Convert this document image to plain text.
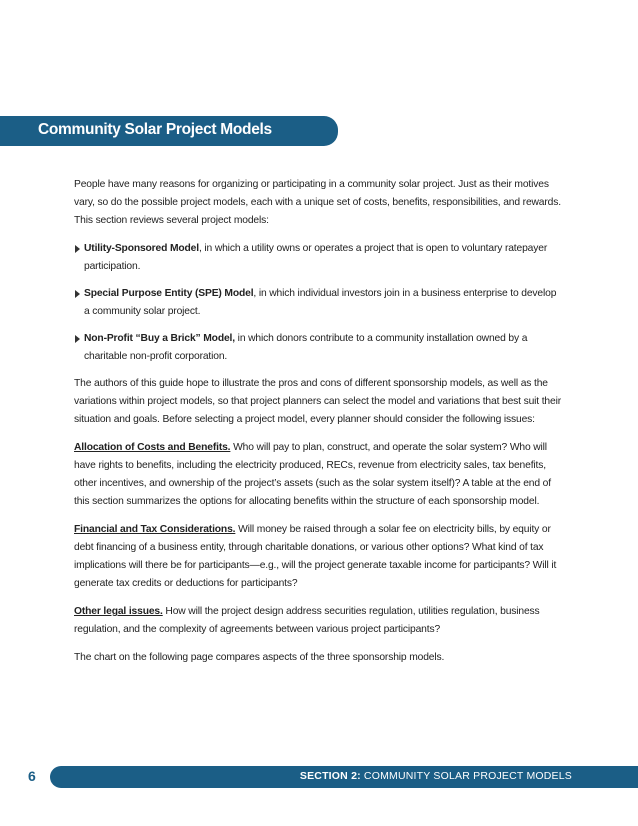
Community Solar Project Models

People have many reasons for organizing or participating in a community solar project. Just as their motives vary, so do the possible project models, each with a unique set of costs, benefits, responsibilities, and rewards. This section reviews several project models:

Utility-Sponsored Model, in which a utility owns or operates a project that is open to voluntary ratepayer participation.
Special Purpose Entity (SPE) Model, in which individual investors join in a business enterprise to develop a community solar project.
Non-Profit “Buy a Brick” Model, in which donors contribute to a community installation owned by a charitable non-profit corporation.

The authors of this guide hope to illustrate the pros and cons of different sponsorship models, as well as the variations within project models, so that project planners can select the model and variations that best suit their situation and goals. Before selecting a project model, every planner should consider the following issues:

Allocation of Costs and Benefits. Who will pay to plan, construct, and operate the solar system? Who will have rights to benefits, including the electricity produced, RECs, revenue from electricity sales, tax benefits, other incentives, and ownership of the project’s assets (such as the solar system itself)? A table at the end of this section summarizes the options for allocating benefits within the structure of each sponsorship model.

Financial and Tax Considerations. Will money be raised through a solar fee on electricity bills, by equity or debt financing of a business entity, through charitable donations, or various other options? What kind of tax implications will there be for participants—e.g., will the project generate taxable income for participants? Will it generate tax credits or deductions for participants?

Other legal issues. How will the project design address securities regulation, utilities regulation, business regulation, and the complexity of agreements between various project participants?

The chart on the following page compares aspects of the three sponsorship models.

6	SECTION 2: COMMUNITY SOLAR PROJECT MODELS
